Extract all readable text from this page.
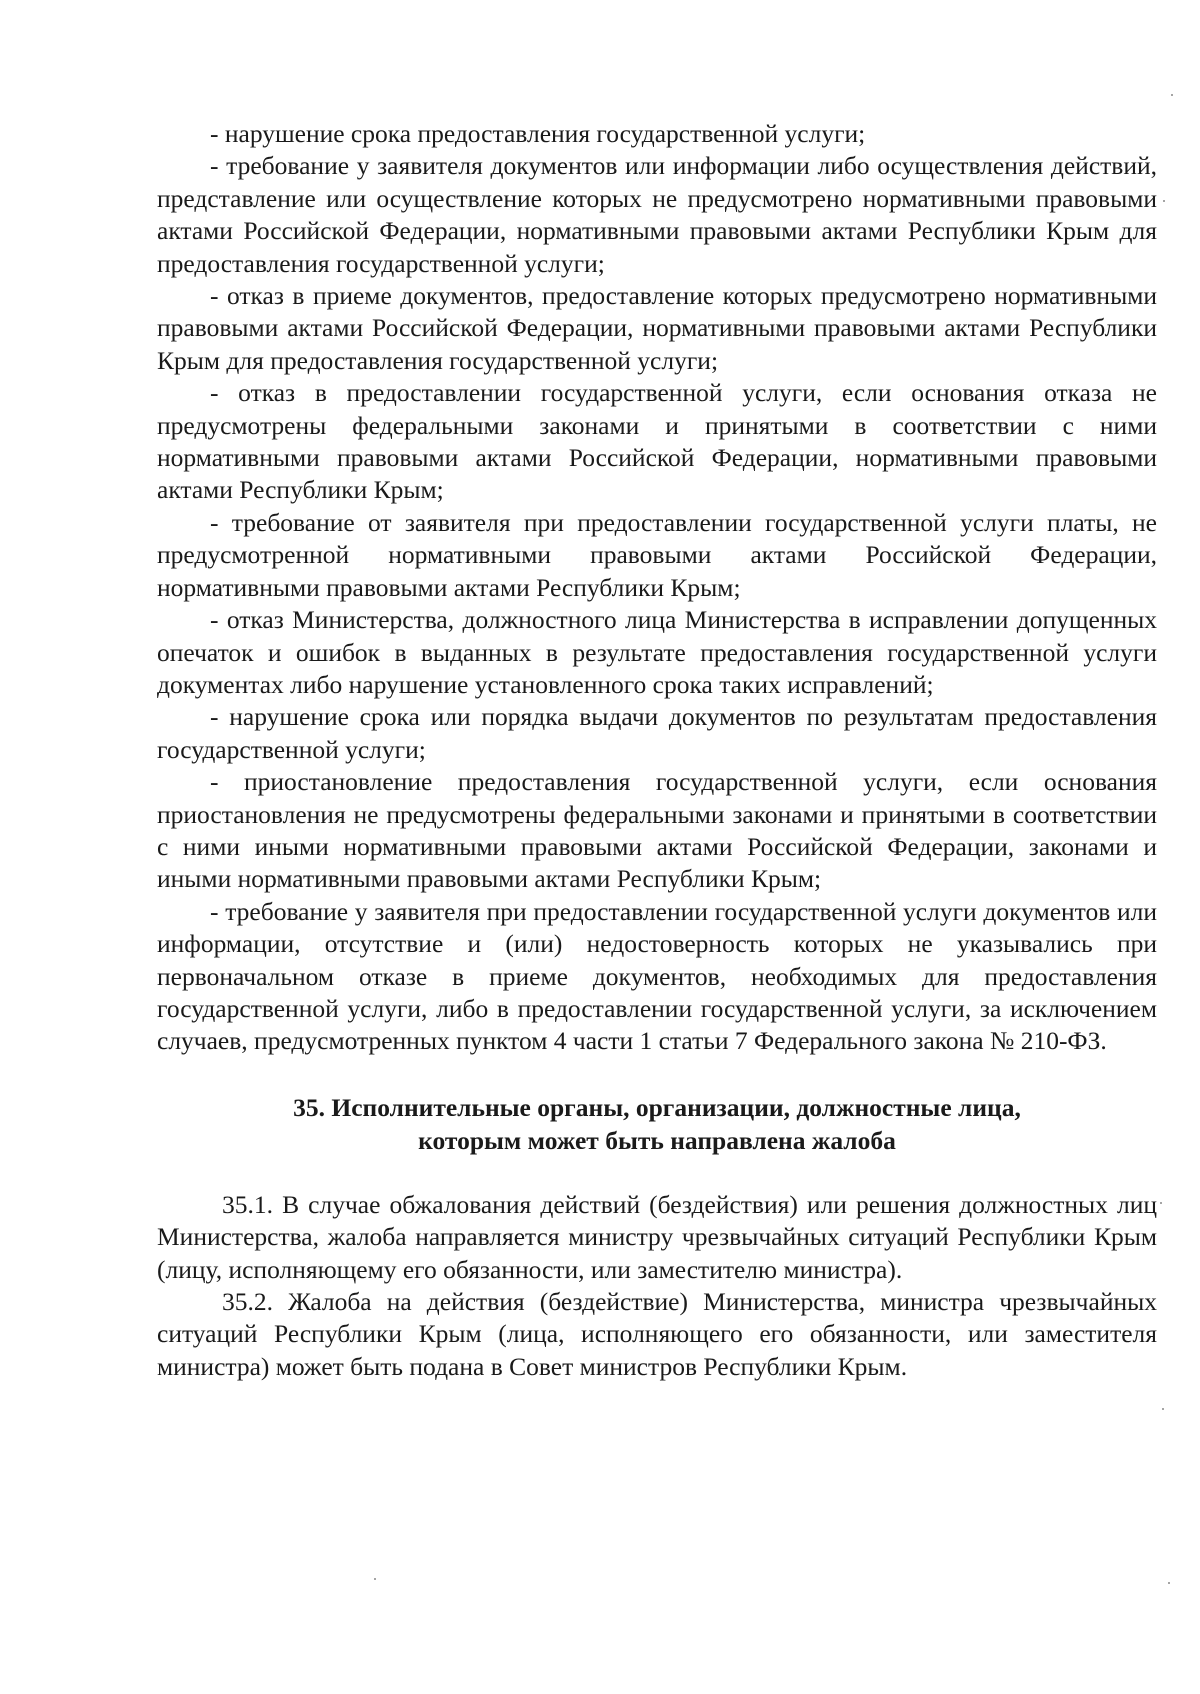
- нарушение срока предоставления государственной услуги;

- требование у заявителя документов или информации либо осуществления действий, представление или осуществление которых не предусмотрено нормативными правовыми актами Российской Федерации, нормативными правовыми актами Республики Крым для предоставления государственной услуги;

- отказ в приеме документов, предоставление которых предусмотрено нормативными правовыми актами Российской Федерации, нормативными правовыми актами Республики Крым для предоставления государственной услуги;

- отказ в предоставлении государственной услуги, если основания отказа не предусмотрены федеральными законами и принятыми в соответствии с ними нормативными правовыми актами Российской Федерации, нормативными правовыми актами Республики Крым;

- требование от заявителя при предоставлении государственной услуги платы, не предусмотренной нормативными правовыми актами Российской Федерации, нормативными правовыми актами Республики Крым;

- отказ Министерства, должностного лица Министерства в исправлении допущенных опечаток и ошибок в выданных в результате предоставления государственной услуги документах либо нарушение установленного срока таких исправлений;

- нарушение срока или порядка выдачи документов по результатам предоставления государственной услуги;

- приостановление предоставления государственной услуги, если основания приостановления не предусмотрены федеральными законами и принятыми в соответствии с ними иными нормативными правовыми актами Российской Федерации, законами и иными нормативными правовыми актами Республики Крым;

- требование у заявителя при предоставлении государственной услуги документов или информации, отсутствие и (или) недостоверность которых не указывались при первоначальном отказе в приеме документов, необходимых для предоставления государственной услуги, либо в предоставлении государственной услуги, за исключением случаев, предусмотренных пунктом 4 части 1 статьи 7 Федерального закона № 210-ФЗ.

35. Исполнительные органы, организации, должностные лица,
которым может быть направлена жалоба

35.1. В случае обжалования действий (бездействия) или решения должностных лиц Министерства, жалоба направляется министру чрезвычайных ситуаций Республики Крым (лицу, исполняющему его обязанности, или заместителю министра).

35.2. Жалоба на действия (бездействие) Министерства, министра чрезвычайных ситуаций Республики Крым (лица, исполняющего его обязанности, или заместителя министра) может быть подана в Совет министров Республики Крым.
